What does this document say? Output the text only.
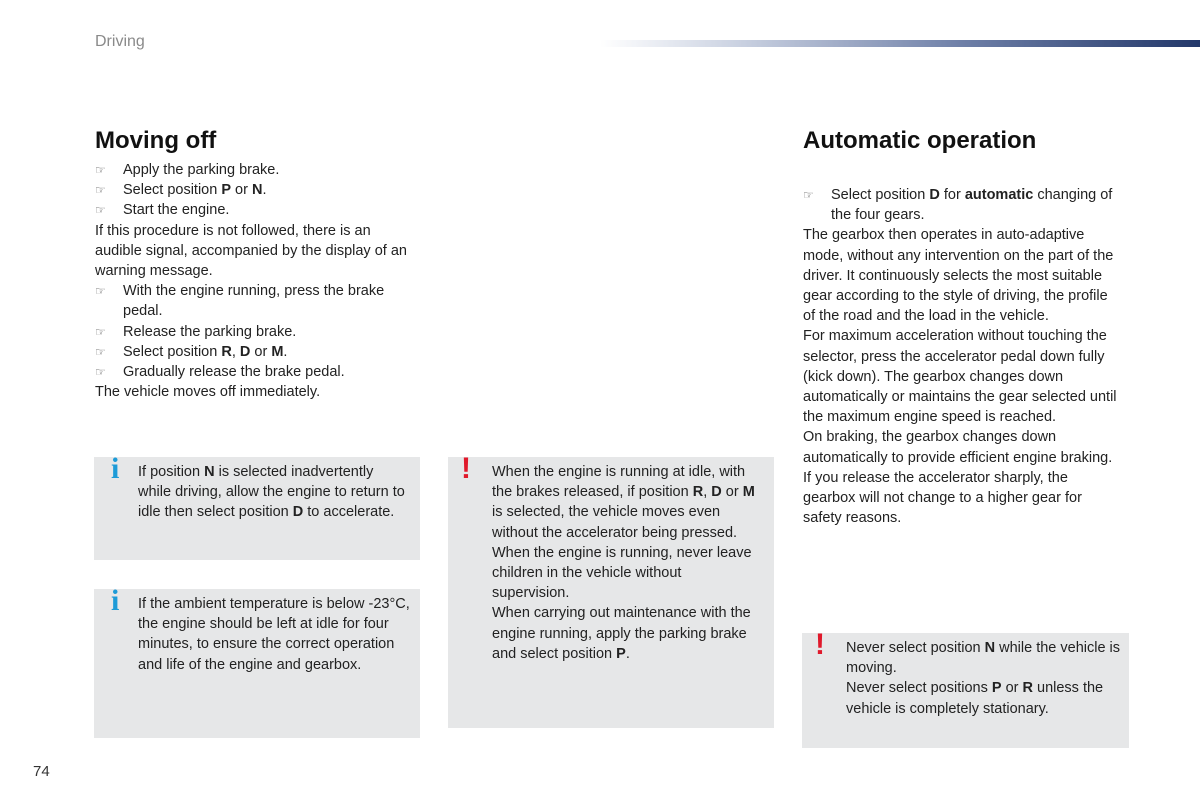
Driving
Moving off

☞ Apply the parking brake.

☞ Select position P or N.

☞ Start the engine.

If this procedure is not followed, there is an audible signal, accompanied by the display of an warning message.

☞ With the engine running, press the brake pedal.

☞ Release the parking brake.

☞ Select position R, D or M.

☞ Gradually release the brake pedal.

The vehicle moves off immediately.

i If position N is selected inadvertently while driving, allow the engine to return to idle then select position D to accelerate.

i If the ambient temperature is below -23°C, the engine should be left at idle for four minutes, to ensure the correct operation and life of the engine and gearbox.

! When the engine is running at idle, with the brakes released, if position R, D or M is selected, the vehicle moves even without the accelerator being pressed.

When the engine is running, never leave children in the vehicle without supervision.

When carrying out maintenance with the engine running, apply the parking brake and select position P.

Automatic operation

☞ Select position D for automatic changing of the four gears.

The gearbox then operates in auto-adaptive mode, without any intervention on the part of the driver. It continuously selects the most suitable gear according to the style of driving, the profile of the road and the load in the vehicle.

For maximum acceleration without touching the selector, press the accelerator pedal down fully (kick down). The gearbox changes down automatically or maintains the gear selected until the maximum engine speed is reached.

On braking, the gearbox changes down automatically to provide efficient engine braking.

If you release the accelerator sharply, the gearbox will not change to a higher gear for safety reasons.

! Never select position N while the vehicle is moving.

Never select positions P or R unless the vehicle is completely stationary.

74
